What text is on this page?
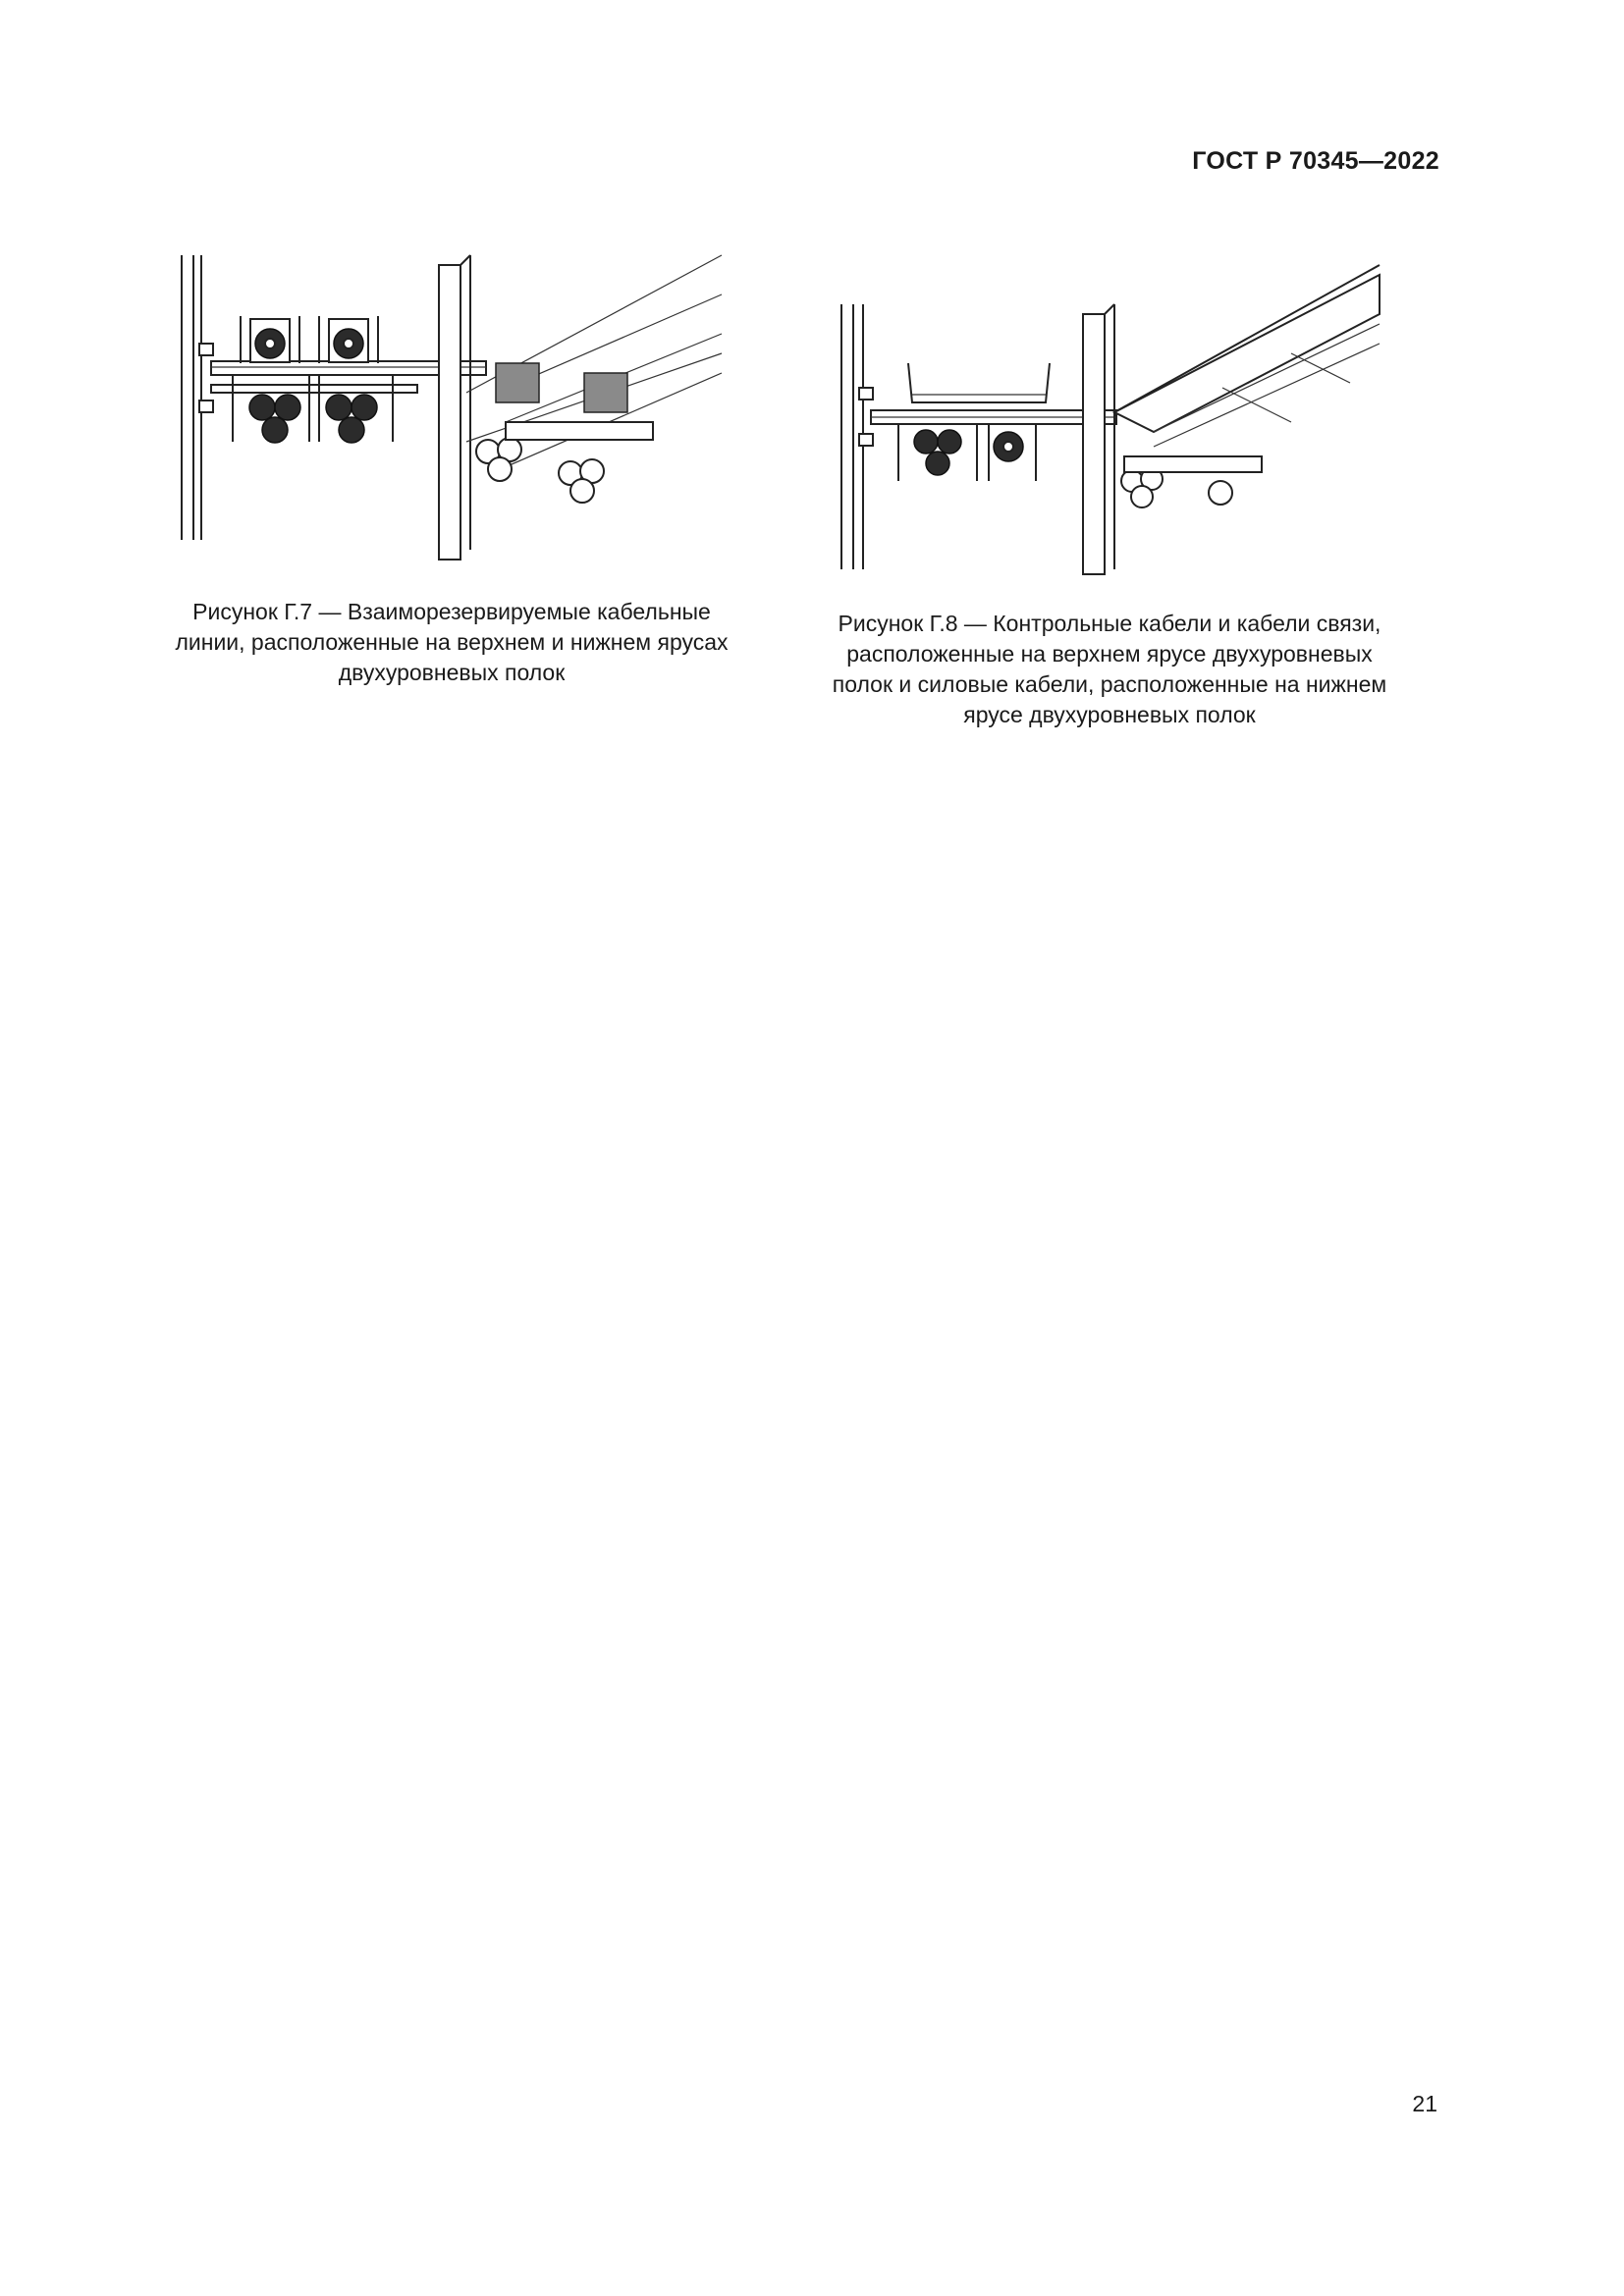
ГОСТ Р 70345—2022
Рисунок Г.7 — Взаиморезервируемые кабельные
линии, расположенные на верхнем и нижнем ярусах
двухуровневых полок
Рисунок Г.8 — Контрольные кабели и кабели связи,
расположенные на верхнем ярусе двухуровневых
полок и силовые кабели, расположенные на нижнем
ярусе двухуровневых полок
21
